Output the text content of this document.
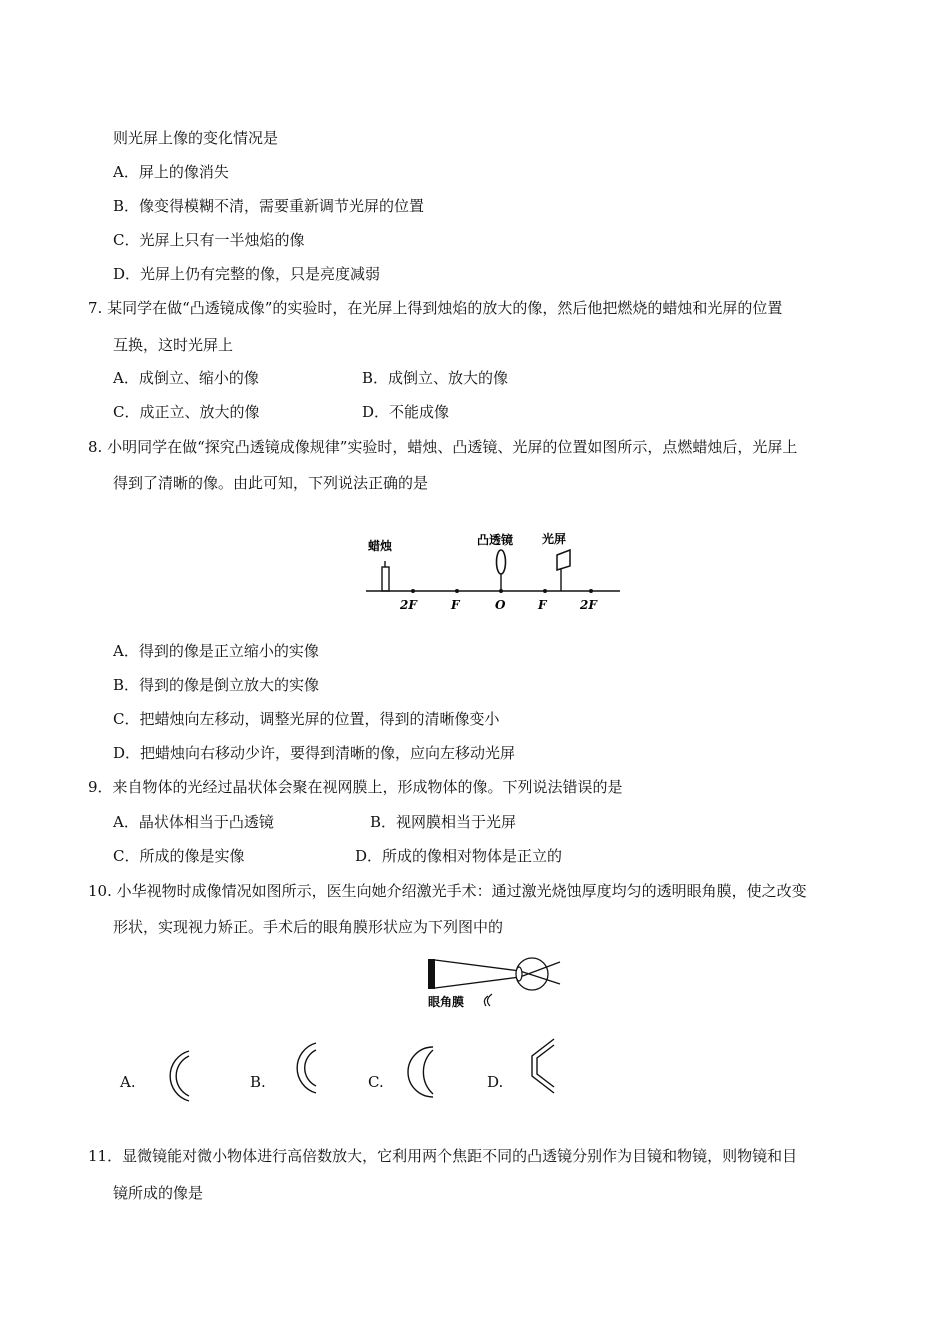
则光屏上像的变化情况是
A．屏上的像消失
B．像变得模糊不清，需要重新调节光屏的位置
C．光屏上只有一半烛焰的像
D．光屏上仍有完整的像，只是亮度减弱
7. 某同学在做“凸透镜成像”的实验时，在光屏上得到烛焰的放大的像，然后他把燃烧的蜡烛和光屏的位置
互换，这时光屏上
A．成倒立、缩小的像	B．成倒立、放大的像
C．成正立、放大的像	D．不能成像
8. 小明同学在做“探究凸透镜成像规律”实验时，蜡烛、凸透镜、光屏的位置如图所示，点燃蜡烛后，光屏上
得到了清晰的像。由此可知，下列说法正确的是
蜡烛	凸透镜 光屏
2F	F	O	F	2F
A．得到的像是正立缩小的实像
B．得到的像是倒立放大的实像
C．把蜡烛向左移动，调整光屏的位置，得到的清晰像变小
D．把蜡烛向右移动少许，要得到清晰的像，应向左移动光屏
9．来自物体的光经过晶状体会聚在视网膜上，形成物体的像。下列说法错误的是
A．晶状体相当于凸透镜	B．视网膜相当于光屏
C．所成的像是实像	D．所成的像相对物体是正立的
10. 小华视物时成像情况如图所示，医生向她介绍激光手术：通过激光烧蚀厚度均匀的透明眼角膜，使之改变
形状，实现视力矫正。手术后的眼角膜形状应为下列图中的
眼角膜
A.	B.	C.	D.
11．显微镜能对微小物体进行高倍数放大，它利用两个焦距不同的凸透镜分别作为目镜和物镜，则物镜和目
镜所成的像是
